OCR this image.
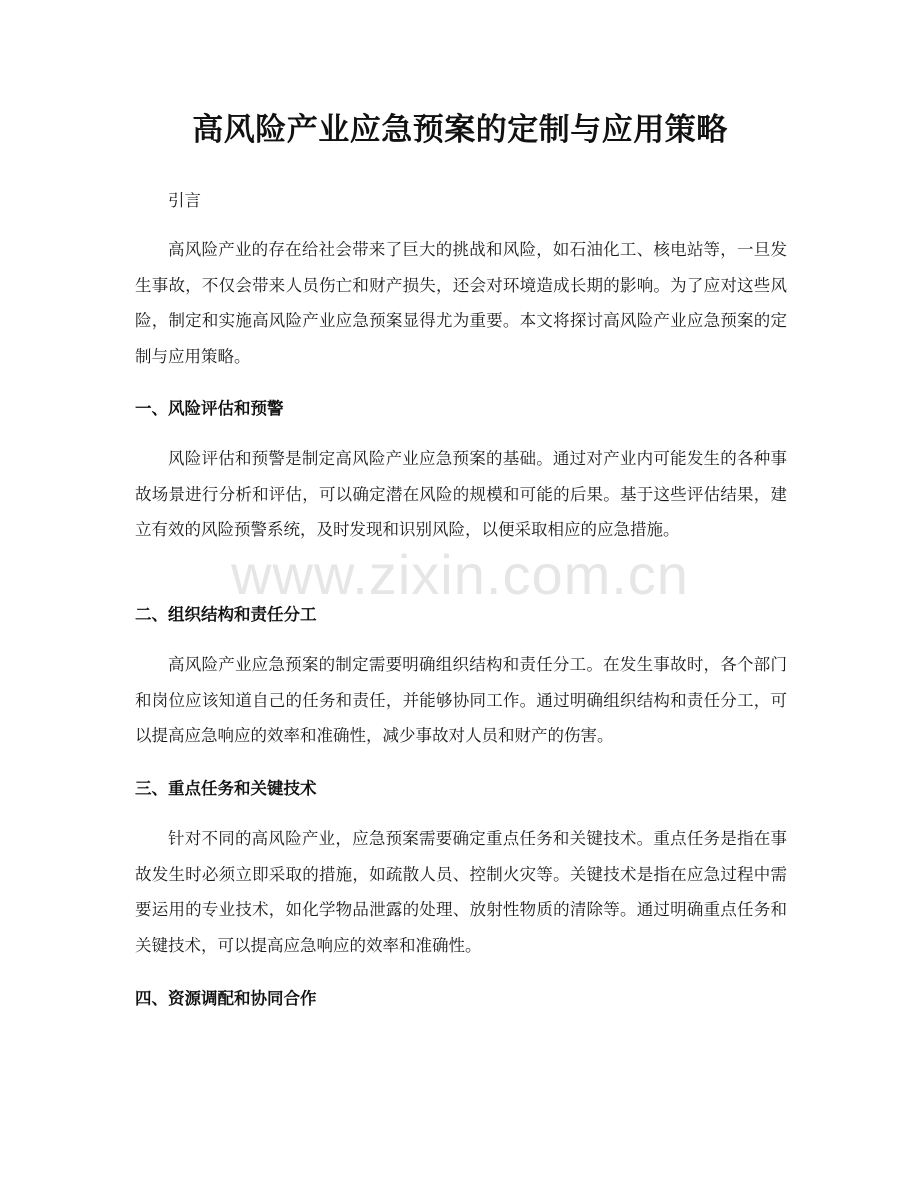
高风险产业应急预案的定制与应用策略
引言

高风险产业的存在给社会带来了巨大的挑战和风险，如石油化工、核电站等，一旦发生事故，不仅会带来人员伤亡和财产损失，还会对环境造成长期的影响。为了应对这些风险，制定和实施高风险产业应急预案显得尤为重要。本文将探讨高风险产业应急预案的定制与应用策略。

一、风险评估和预警

风险评估和预警是制定高风险产业应急预案的基础。通过对产业内可能发生的各种事故场景进行分析和评估，可以确定潜在风险的规模和可能的后果。基于这些评估结果，建立有效的风险预警系统，及时发现和识别风险，以便采取相应的应急措施。

二、组织结构和责任分工

高风险产业应急预案的制定需要明确组织结构和责任分工。在发生事故时，各个部门和岗位应该知道自己的任务和责任，并能够协同工作。通过明确组织结构和责任分工，可以提高应急响应的效率和准确性，减少事故对人员和财产的伤害。

三、重点任务和关键技术

针对不同的高风险产业，应急预案需要确定重点任务和关键技术。重点任务是指在事故发生时必须立即采取的措施，如疏散人员、控制火灾等。关键技术是指在应急过程中需要运用的专业技术，如化学物品泄露的处理、放射性物质的清除等。通过明确重点任务和关键技术，可以提高应急响应的效率和准确性。

四、资源调配和协同合作
www.zixin.com.cn
